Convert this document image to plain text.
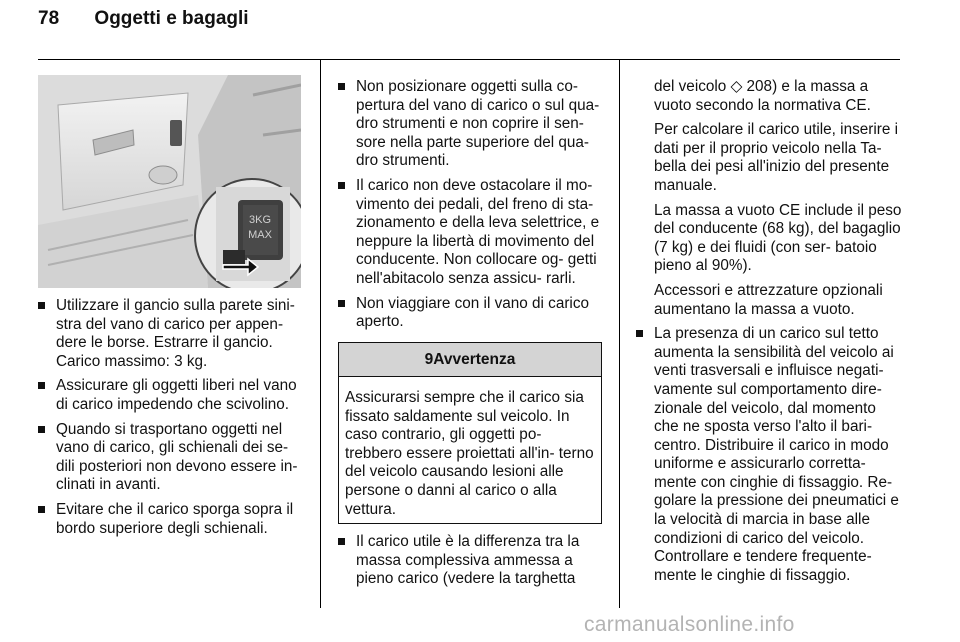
78 Oggetti e bagagli
3KG
MAX
Utilizzare il gancio sulla parete sini- stra del vano di carico per appen- dere le borse. Estrarre il gancio. Carico massimo: 3 kg.
Assicurare gli oggetti liberi nel vano di carico impedendo che scivolino.
Quando si trasportano oggetti nel vano di carico, gli schienali dei se- dili posteriori non devono essere in- clinati in avanti.
Evitare che il carico sporga sopra il bordo superiore degli schienali.
Non posizionare oggetti sulla co- pertura del vano di carico o sul qua- dro strumenti e non coprire il sen- sore nella parte superiore del qua- dro strumenti.
Il carico non deve ostacolare il mo- vimento dei pedali, del freno di sta- zionamento e della leva selettrice, e neppure la libertà di movimento del conducente. Non collocare og- getti nell'abitacolo senza assicu- rarli.
Non viaggiare con il vano di carico aperto.
9Avvertenza
Assicurarsi sempre che il carico sia fissato saldamente sul veicolo. In caso contrario, gli oggetti po- trebbero essere proiettati all'in- terno del veicolo causando lesioni alle persone o danni al carico o alla vettura.
Il carico utile è la differenza tra la massa complessiva ammessa a pieno carico (vedere la targhetta

del veicolo ◇ 208) e la massa a vuoto secondo la normativa CE.

Per calcolare il carico utile, inserire i dati per il proprio veicolo nella Ta- bella dei pesi all'inizio del presente manuale.

La massa a vuoto CE include il peso del conducente (68 kg), del bagaglio (7 kg) e dei fluidi (con ser- batoio pieno al 90%).

Accessori e attrezzature opzionali aumentano la massa a vuoto.

La presenza di un carico sul tetto aumenta la sensibilità del veicolo ai venti trasversali e influisce negati- vamente sul comportamento dire- zionale del veicolo, dal momento che ne sposta verso l'alto il bari- centro. Distribuire il carico in modo uniforme e assicurarlo corretta- mente con cinghie di fissaggio. Re- golare la pressione dei pneumatici e la velocità di marcia in base alle condizioni di carico del veicolo. Controllare e tendere frequente- mente le cinghie di fissaggio.
carmanualsonline.info
